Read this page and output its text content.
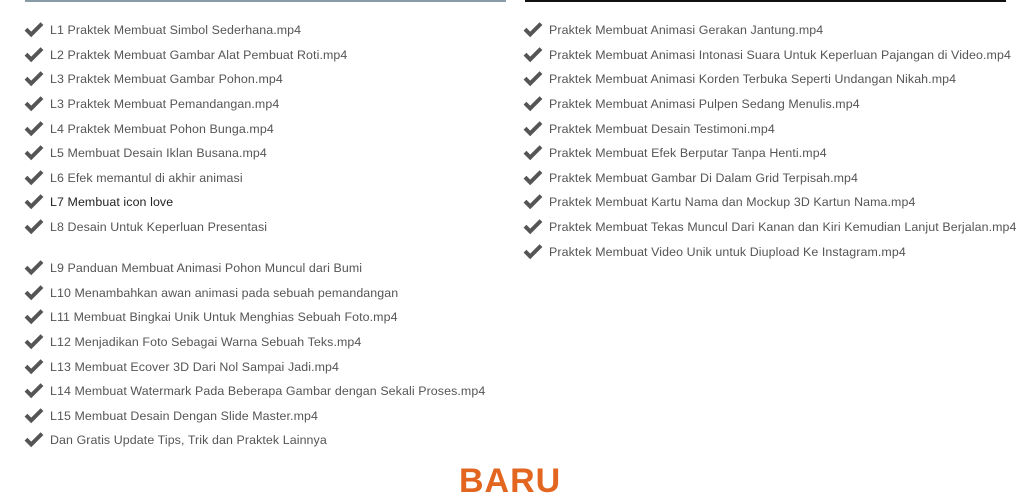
L1 Praktek Membuat Simbol Sederhana.mp4
L2 Praktek Membuat Gambar Alat Pembuat Roti.mp4
L3 Praktek Membuat Gambar Pohon.mp4
L3 Praktek Membuat Pemandangan.mp4
L4 Praktek Membuat Pohon Bunga.mp4
L5 Membuat Desain Iklan Busana.mp4
L6 Efek memantul di akhir animasi
L7 Membuat icon love
L8 Desain Untuk Keperluan Presentasi
L9 Panduan Membuat Animasi Pohon Muncul dari Bumi
L10 Menambahkan awan animasi pada sebuah pemandangan
L11 Membuat Bingkai Unik Untuk Menghias Sebuah Foto.mp4
L12 Menjadikan Foto Sebagai Warna Sebuah Teks.mp4
L13 Membuat Ecover 3D Dari Nol Sampai Jadi.mp4
L14 Membuat Watermark Pada Beberapa Gambar dengan Sekali Proses.mp4
L15 Membuat Desain Dengan Slide Master.mp4
Dan Gratis Update Tips, Trik dan Praktek Lainnya
Praktek Membuat Animasi Gerakan Jantung.mp4
Praktek Membuat Animasi Intonasi Suara Untuk Keperluan Pajangan di Video.mp4
Praktek Membuat Animasi Korden Terbuka Seperti Undangan Nikah.mp4
Praktek Membuat Animasi Pulpen Sedang Menulis.mp4
Praktek Membuat Desain Testimoni.mp4
Praktek Membuat Efek Berputar Tanpa Henti.mp4
Praktek Membuat Gambar Di Dalam Grid Terpisah.mp4
Praktek Membuat Kartu Nama dan Mockup 3D Kartun Nama.mp4
Praktek Membuat Tekas Muncul Dari Kanan dan Kiri Kemudian Lanjut Berjalan.mp4
Praktek Membuat Video Unik untuk Diupload Ke Instagram.mp4
BARU
